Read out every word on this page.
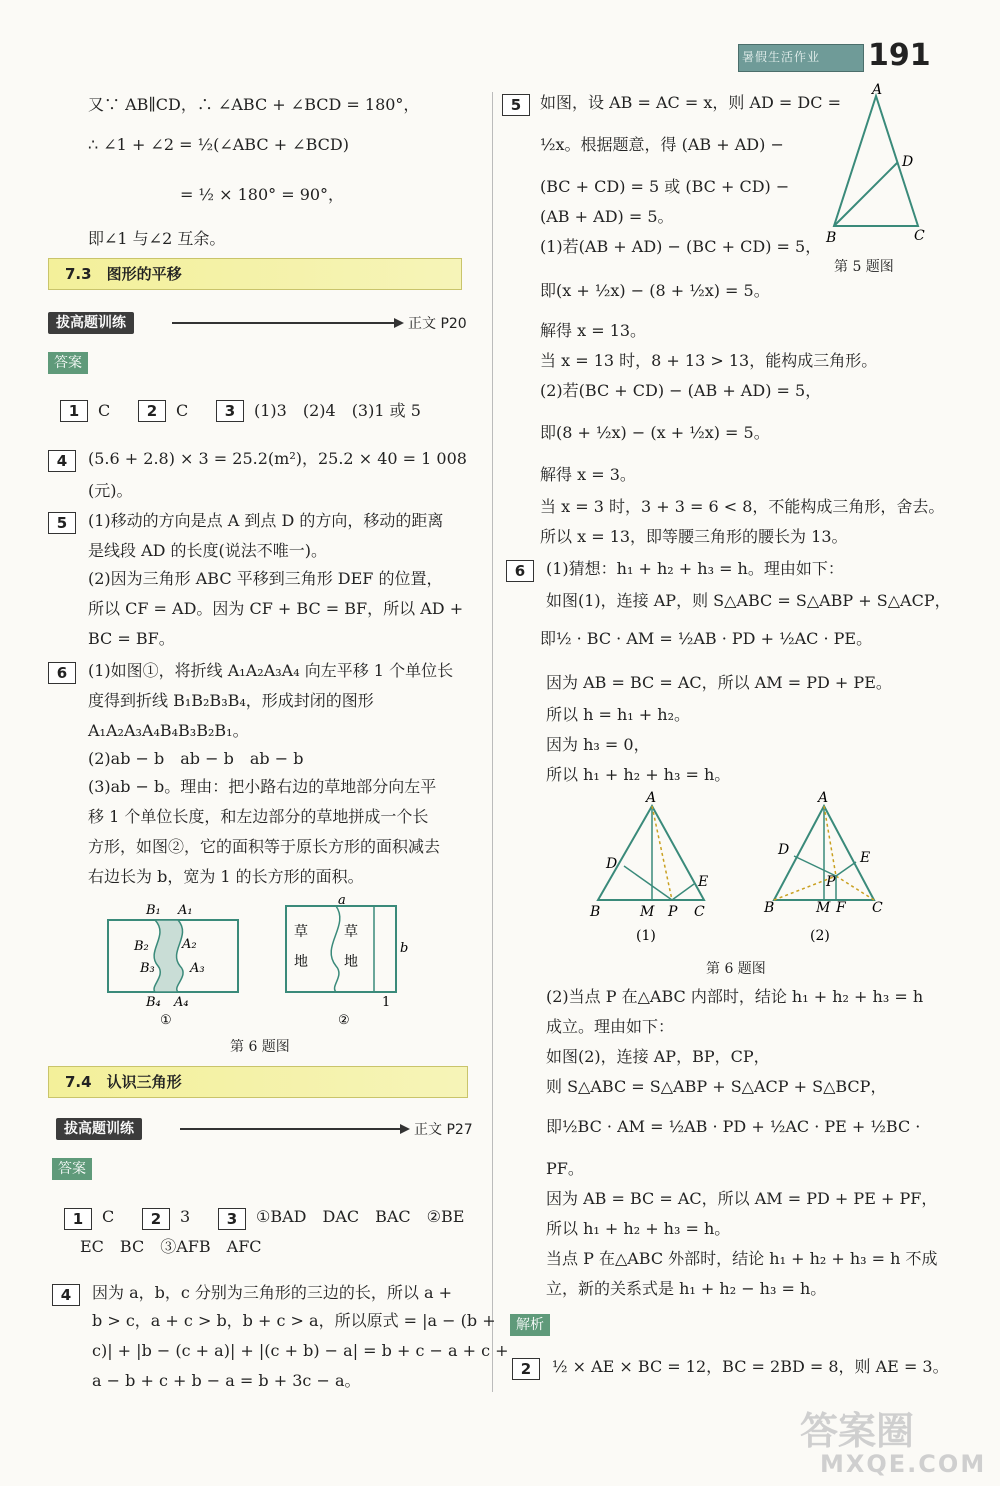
暑假生活作业 191
又∵ AB∥CD，∴ ∠ABC + ∠BCD = 180°，
∴ ∠1 + ∠2 = ½(∠ABC + ∠BCD)
= ½ × 180° = 90°，
即∠1 与∠2 互余。
7.3　图形的平移
拔高题训练	正文 P20
答案
1	C	2	C	3	(1)3　(2)4　(3)1 或 5
4	(5.6 + 2.8) × 3 = 25.2(m²)，25.2 × 40 = 1 008
(元)。
5	(1)移动的方向是点 A 到点 D 的方向，移动的距离
是线段 AD 的长度(说法不唯一)。
(2)因为三角形 ABC 平移到三角形 DEF 的位置，
所以 CF = AD。因为 CF + BC = BF，所以 AD +
BC = BF。
6	(1)如图①，将折线 A₁A₂A₃A₄ 向左平移 1 个单位长
度得到折线 B₁B₂B₃B₄，形成封闭的图形
A₁A₂A₃A₄B₄B₃B₂B₁。
(2)ab − b　ab − b　ab − b
(3)ab − b。理由：把小路右边的草地部分向左平
移 1 个单位长度，和左边部分的草地拼成一个长
方形，如图②，它的面积等于原长方形的面积减去
右边长为 b，宽为 1 的长方形的面积。
B₁ A₁
B₂	A₂
B₃	A₃
B₄ A₄
①
a
b
1
草
地
草
地
②
第 6 题图
7.4　认识三角形
拔高题训练	正文 P27
答案
1	C	2	3	3	①BAD　DAC　BAC　②BE
EC　BC　③AFB　AFC
4	因为 a，b，c 分别为三角形的三边的长，所以 a +
b > c，a + c > b，b + c > a，所以原式 = |a − (b +
c)| + |b − (c + a)| + |(c + b) − a| = b + c − a + c +
a − b + c + b − a = b + 3c − a。
5	如图，设 AB = AC = x，则 AD = DC =
½x。根据题意，得 (AB + AD) −
(BC + CD) = 5 或 (BC + CD) −
(AB + AD) = 5。
(1)若(AB + AD) − (BC + CD) = 5，
即(x + ½x) − (8 + ½x) = 5。
解得 x = 13。
当 x = 13 时，8 + 13 > 13，能构成三角形。
(2)若(BC + CD) − (AB + AD) = 5，
即(8 + ½x) − (x + ½x) = 5。
解得 x = 3。
当 x = 3 时，3 + 3 = 6 < 8，不能构成三角形，舍去。
所以 x = 13，即等腰三角形的腰长为 13。
A
D
B	C
第 5 题图
6	(1)猜想：h₁ + h₂ + h₃ = h。理由如下：
如图(1)，连接 AP，则 S△ABC = S△ABP + S△ACP，
即½ · BC · AM = ½AB · PD + ½AC · PE。
因为 AB = BC = AC，所以 AM = PD + PE。
所以 h = h₁ + h₂。
因为 h₃ = 0，
所以 h₁ + h₂ + h₃ = h。
A
D
E
B	M P C
A
D	E
P
B	M F C
(1)	(2)
第 6 题图
(2)当点 P 在△ABC 内部时，结论 h₁ + h₂ + h₃ = h
成立。理由如下：
如图(2)，连接 AP，BP，CP，
则 S△ABC = S△ABP + S△ACP + S△BCP，
即½BC · AM = ½AB · PD + ½AC · PE + ½BC ·
PF。
因为 AB = BC = AC，所以 AM = PD + PE + PF，
所以 h₁ + h₂ + h₃ = h。
当点 P 在△ABC 外部时，结论 h₁ + h₂ + h₃ = h 不成
立，新的关系式是 h₁ + h₂ − h₃ = h。
解析
2	½ × AE × BC = 12，BC = 2BD = 8，则 AE = 3。
答案圈
MXQE.COM
